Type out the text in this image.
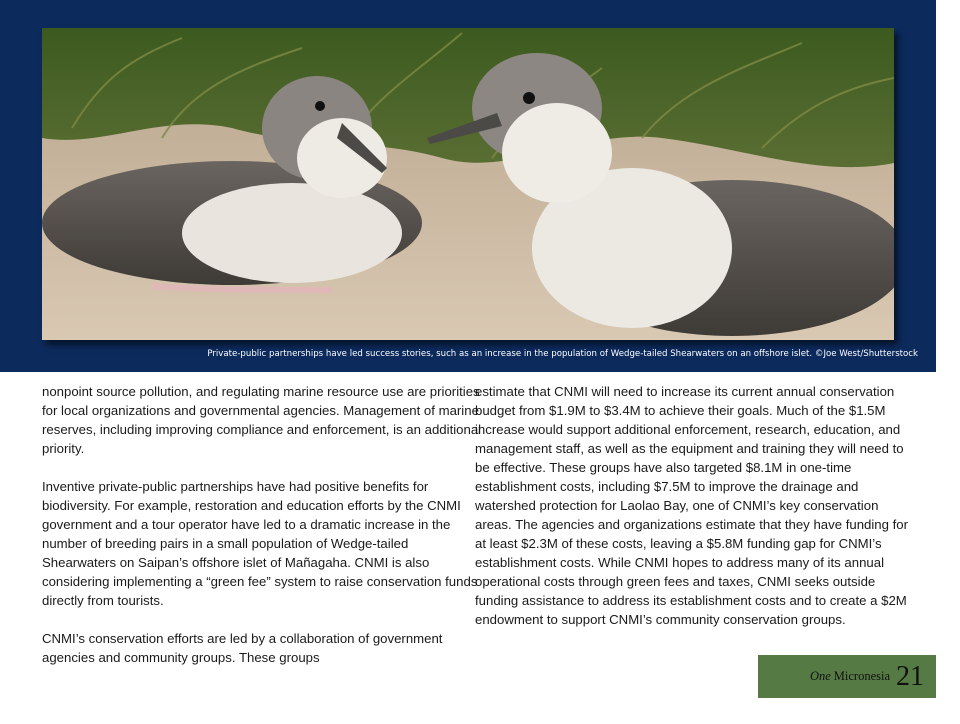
Private-public partnerships have led success stories, such as an increase in the population of Wedge-tailed Shearwaters on an offshore islet. ©Joe West/Shutterstock

nonpoint source pollution, and regulating marine resource use are priorities for local organizations and governmental agencies. Management of marine reserves, including improving compliance and enforcement, is an additional priority.

Inventive private-public partnerships have had positive benefits for biodiversity. For example, restoration and education efforts by the CNMI government and a tour operator have led to a dramatic increase in the number of breeding pairs in a small population of Wedge-tailed Shearwaters on Saipan’s offshore islet of Mañagaha. CNMI is also considering implementing a “green fee” system to raise conservation funds directly from tourists.

CNMI’s conservation efforts are led by a collaboration of government agencies and community groups. These groups

estimate that CNMI will need to increase its current annual conservation budget from $1.9M to $3.4M to achieve their goals. Much of the $1.5M increase would support additional enforcement, research, education, and management staff, as well as the equipment and training they will need to be effective. These groups have also targeted $8.1M in one-time establishment costs, including $7.5M to improve the drainage and watershed protection for Laolao Bay, one of CNMI’s key conservation areas. The agencies and organizations estimate that they have funding for at least $2.3M of these costs, leaving a $5.8M funding gap for CNMI’s establishment costs. While CNMI hopes to address many of its annual operational costs through green fees and taxes, CNMI seeks outside funding assistance to address its establishment costs and to create a $2M endowment to support CNMI’s community conservation groups.

One Micronesia 21
